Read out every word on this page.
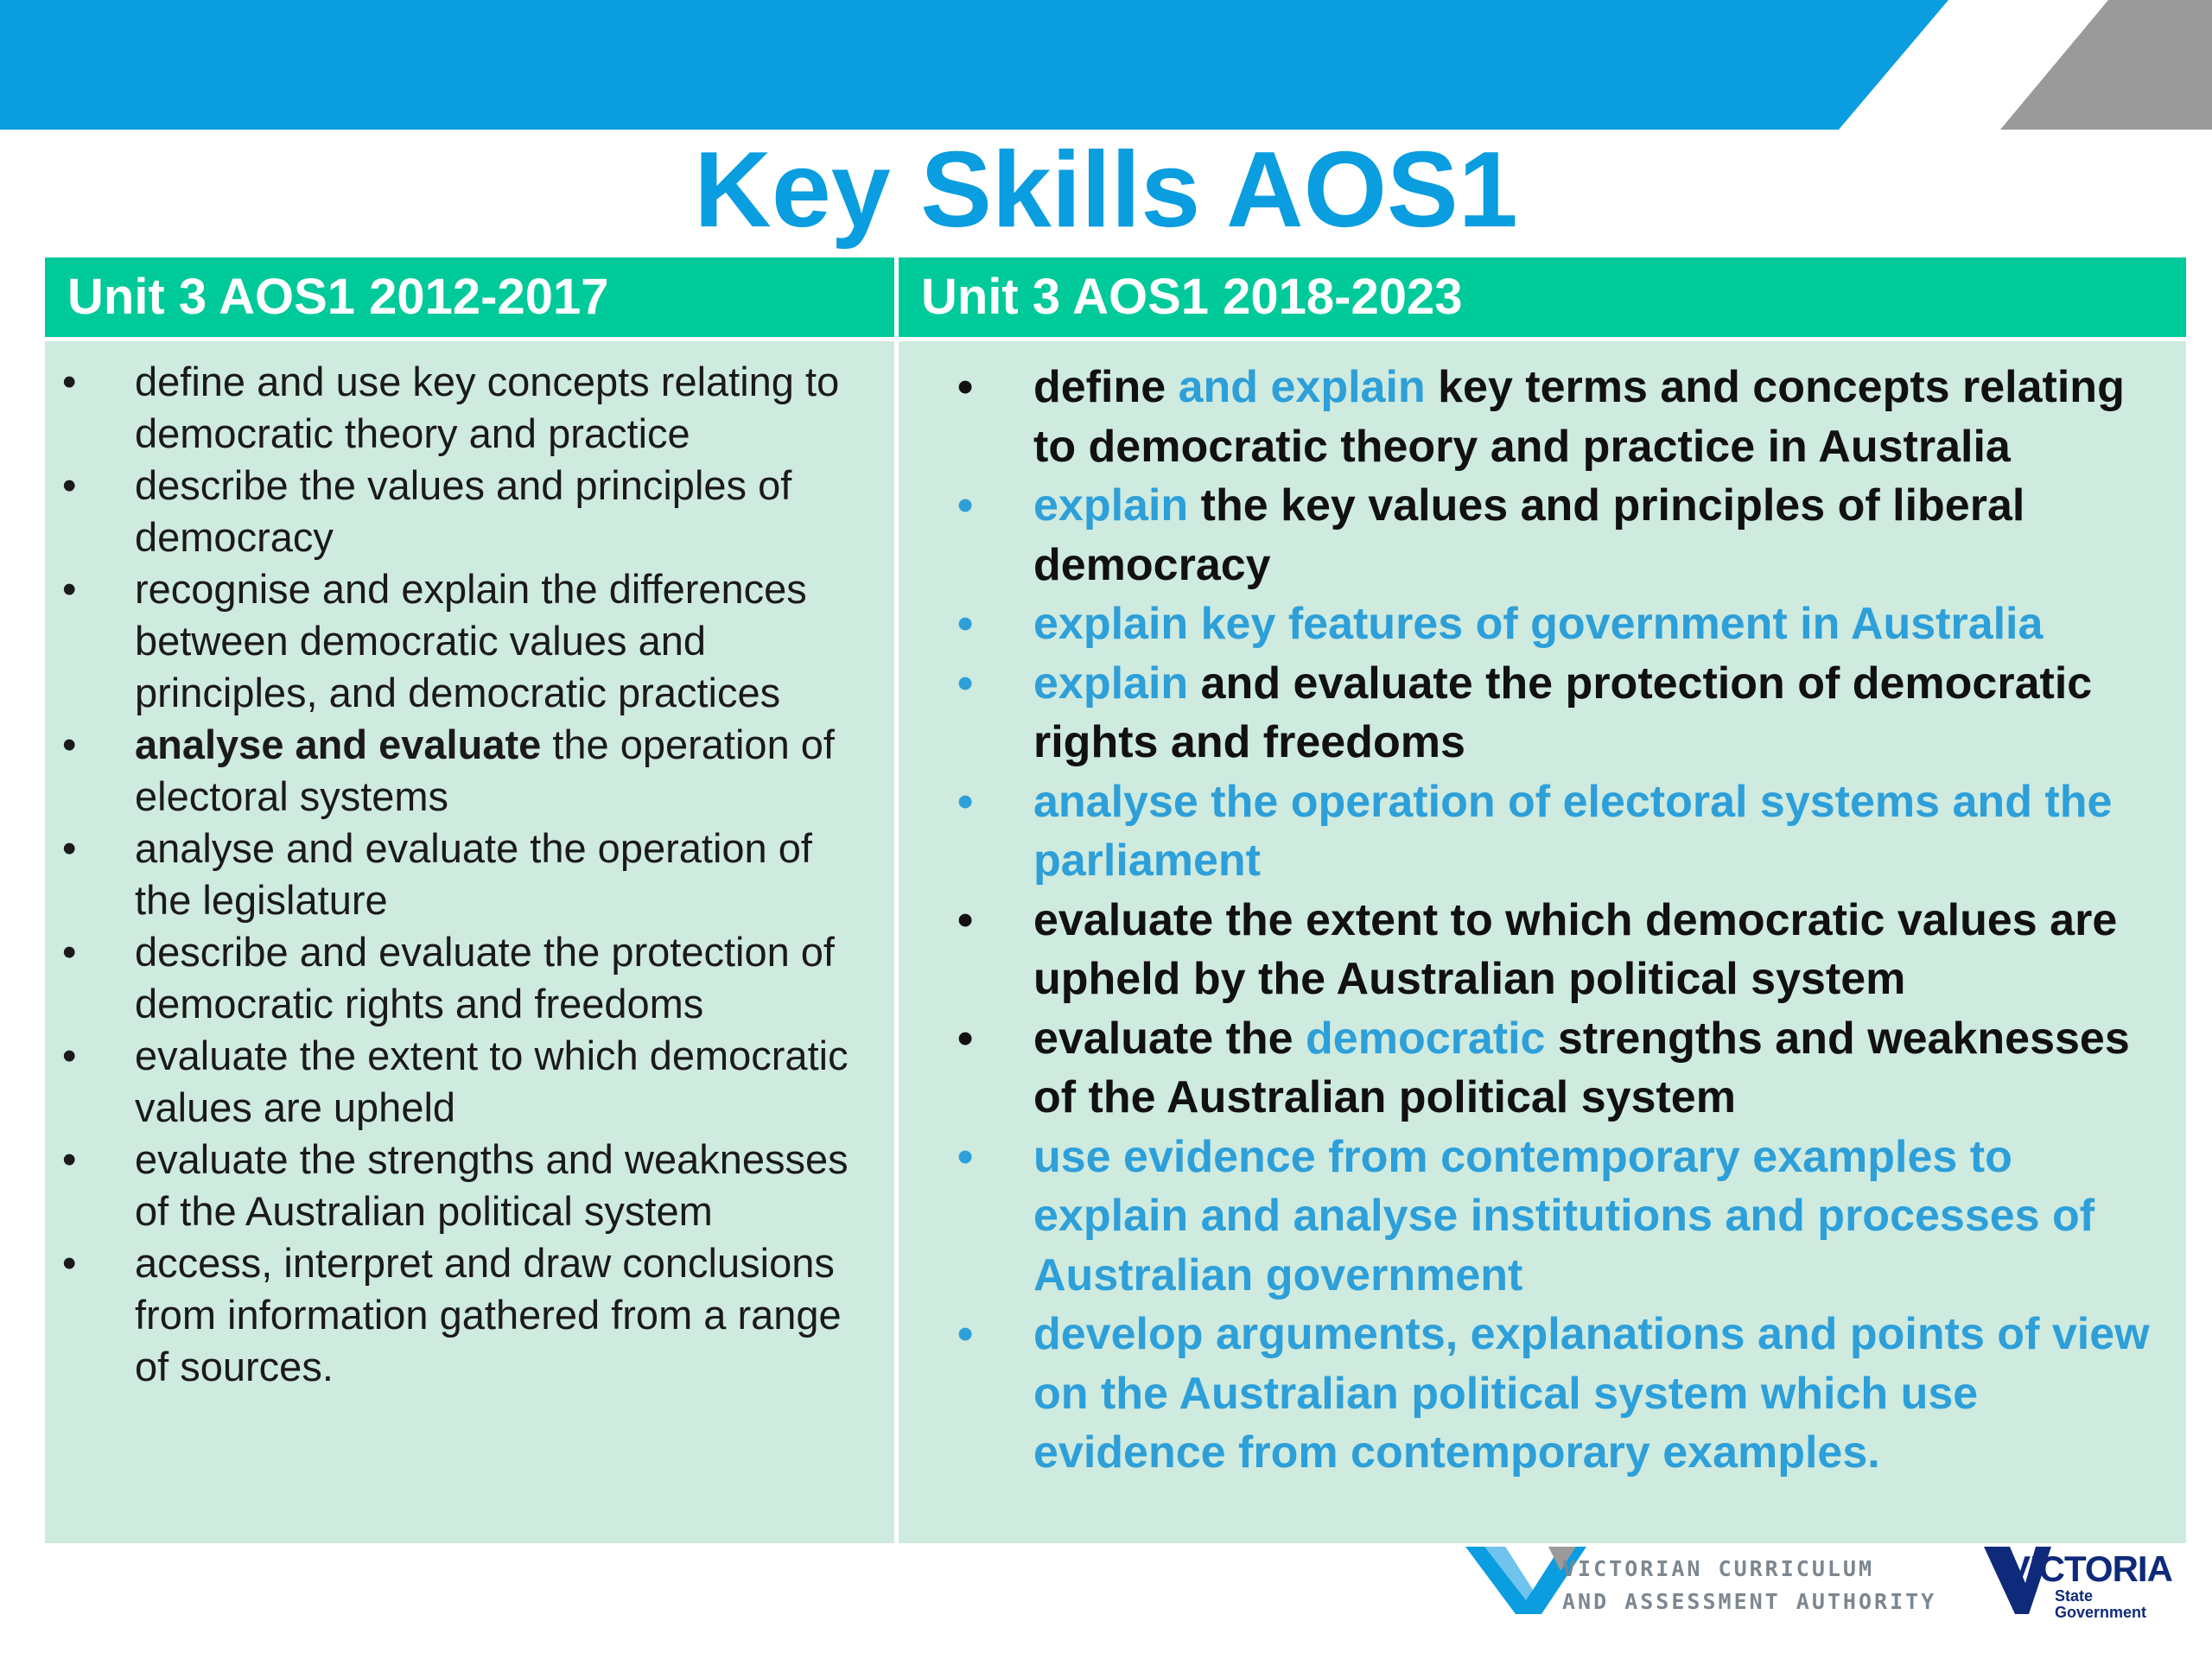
Key Skills AOS1
Unit 3 AOS1 2012-2017	Unit 3 AOS1 2018-2023
• define and use key concepts relating to democratic theory and practice
• describe the values and principles of democracy
• recognise and explain the differences between democratic values and principles, and democratic practices
• analyse and evaluate the operation of electoral systems
• analyse and evaluate the operation of the legislature
• describe and evaluate the protection of democratic rights and freedoms
• evaluate the extent to which democratic values are upheld
• evaluate the strengths and weaknesses of the Australian political system
• access, interpret and draw conclusions from information gathered from a range of sources.
• define and explain key terms and concepts relating to democratic theory and practice in Australia
• explain the key values and principles of liberal democracy
• explain key features of government in Australia
• explain and evaluate the protection of democratic rights and freedoms
• analyse the operation of electoral systems and the parliament
• evaluate the extent to which democratic values are upheld by the Australian political system
• evaluate the democratic strengths and weaknesses of the Australian political system
• use evidence from contemporary examples to explain and analyse institutions and processes of Australian government
• develop arguments, explanations and points of view on the Australian political system which use evidence from contemporary examples.
VICTORIAN CURRICULUM
AND ASSESSMENT AUTHORITY
VICTORIA
State
Government
